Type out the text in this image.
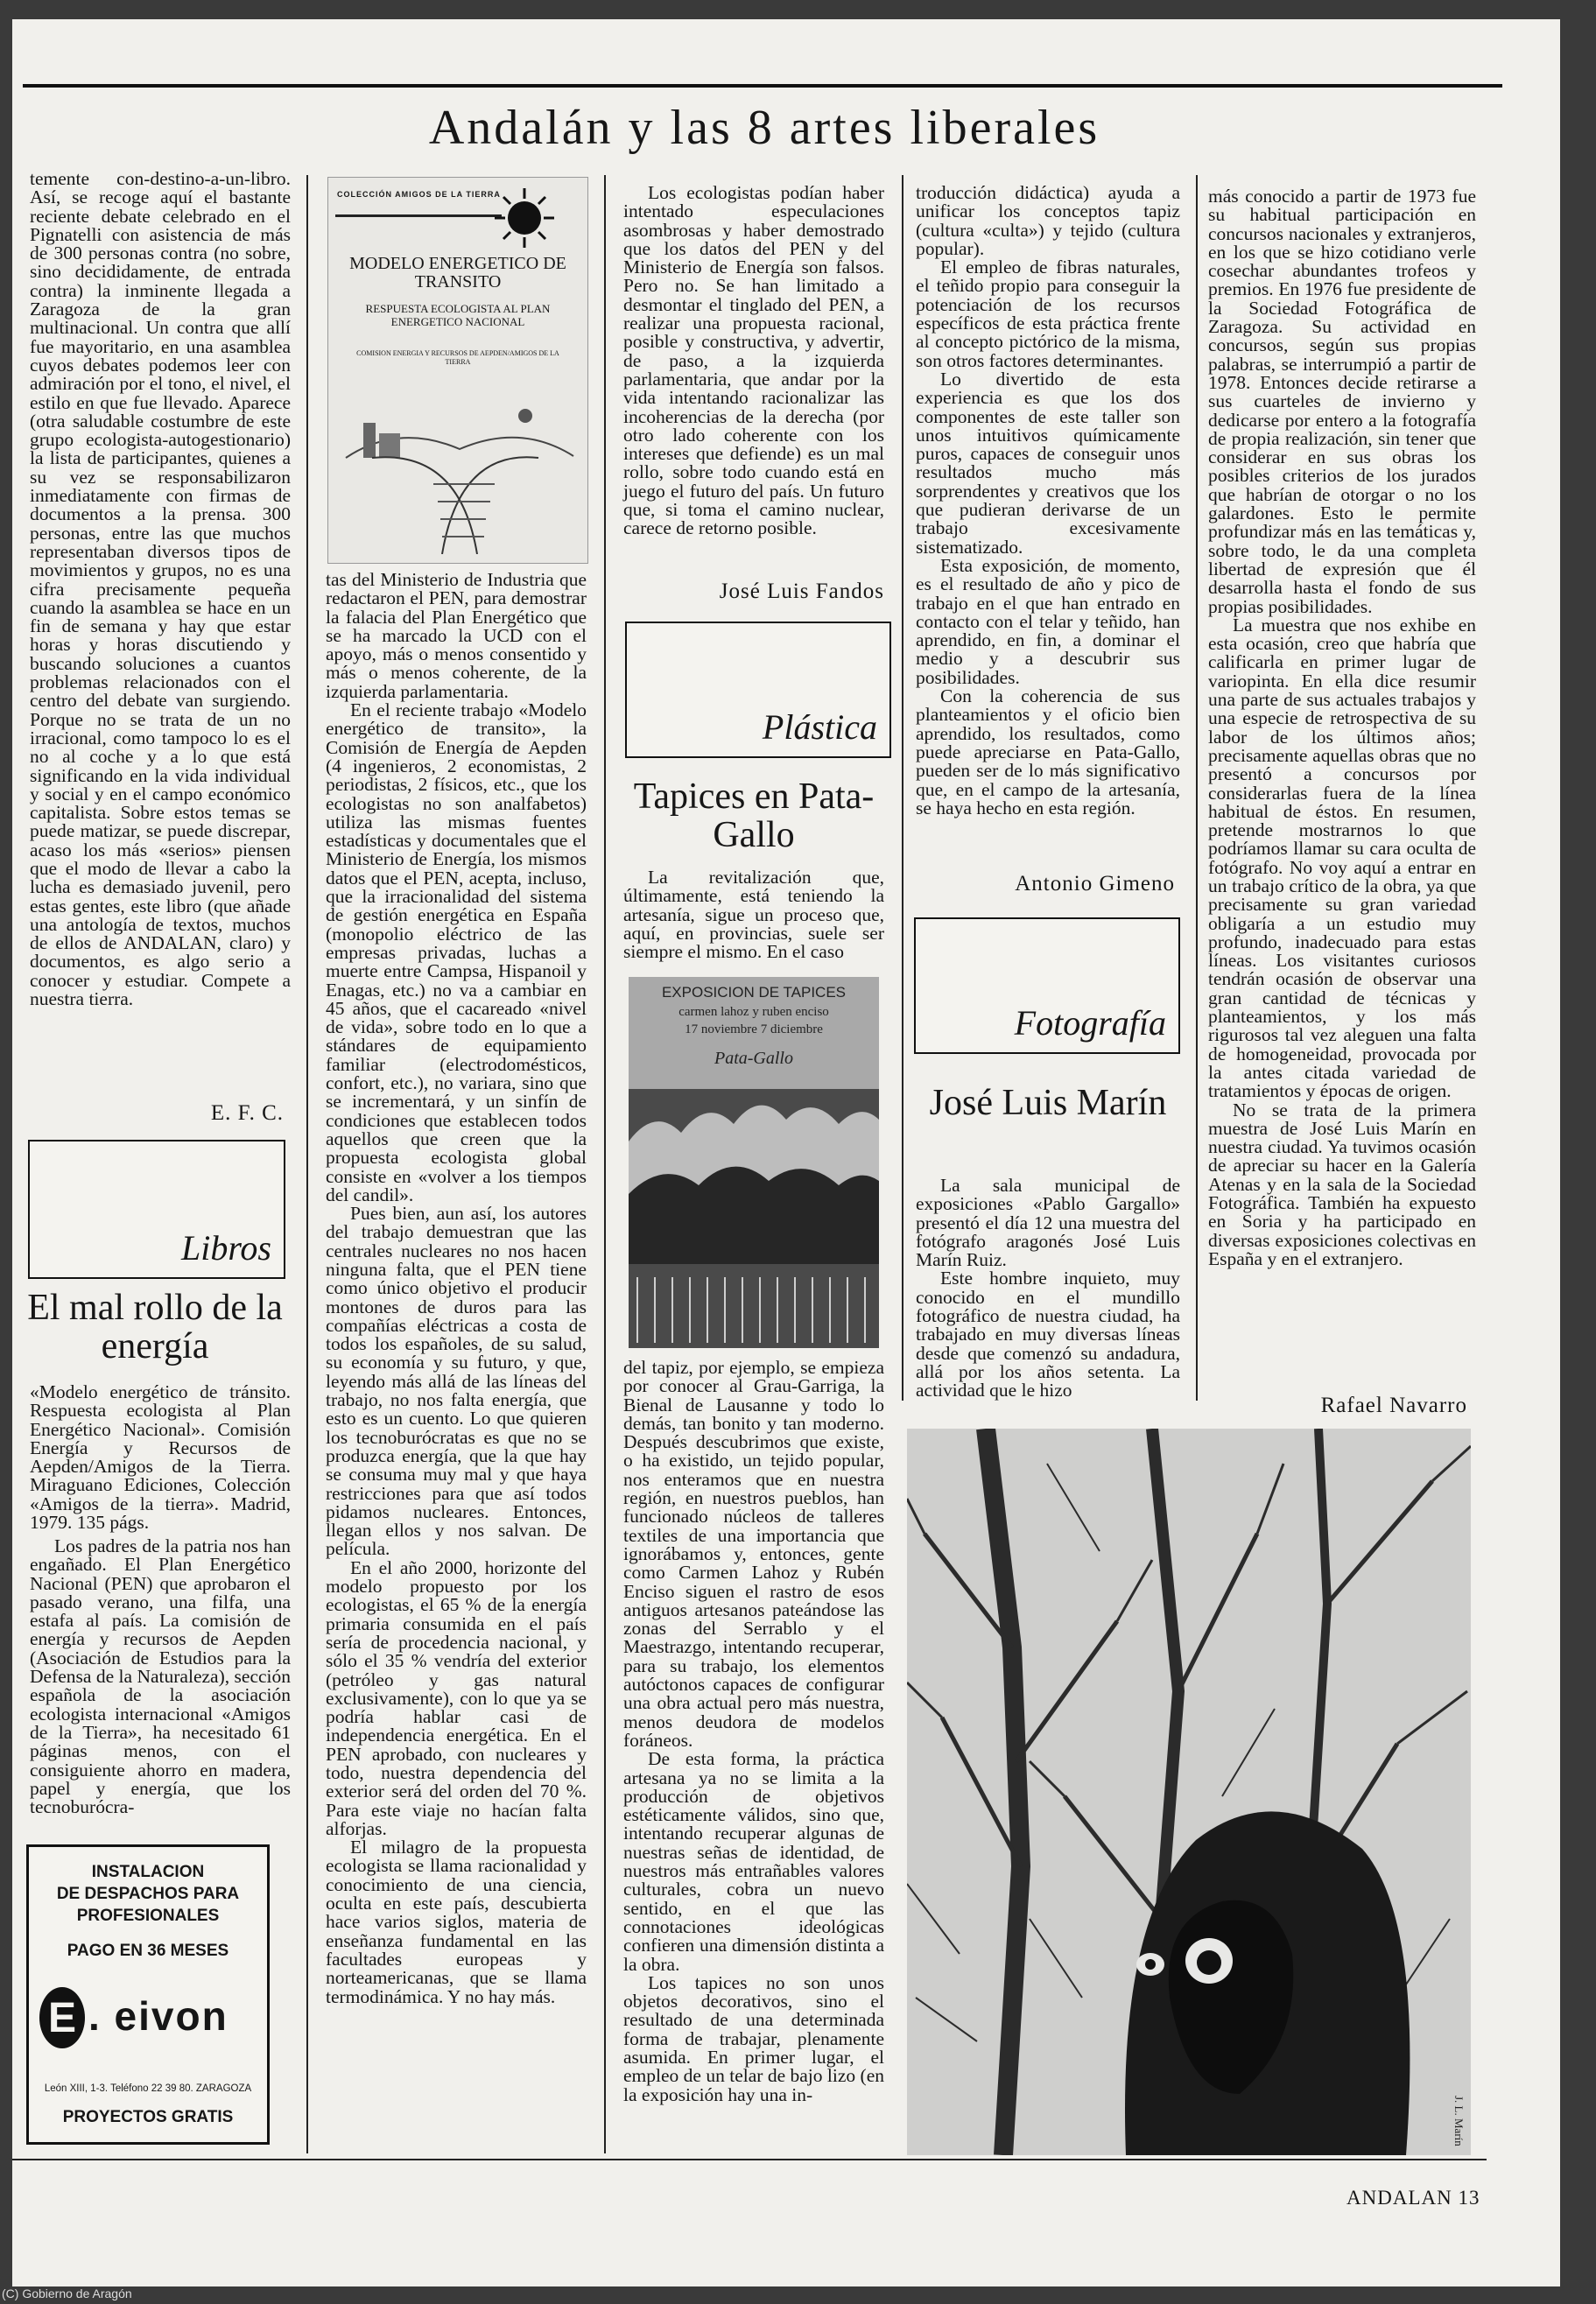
Andalán y las 8 artes liberales

temente con-destino-a-un-libro. Así, se recoge aquí el bastante reciente debate celebrado en el Pignatelli con asistencia de más de 300 personas contra (no sobre, sino decididamente, de entrada contra) la inminente llegada a Zaragoza de la gran multinacional. Un contra que allí fue mayoritario, en una asamblea cuyos debates podemos leer con admiración por el tono, el nivel, el estilo en que fue llevado. Aparece (otra saludable costumbre de este grupo ecologista-autogestionario) la lista de participantes, quienes a su vez se responsabilizaron inmediatamente con firmas de documentos a la prensa. 300 personas, entre las que muchos representaban diversos tipos de movimientos y grupos, no es una cifra precisamente pequeña cuando la asamblea se hace en un fin de semana y hay que estar horas y horas discutiendo y buscando soluciones a cuantos problemas relacionados con el centro del debate van surgiendo. Porque no se trata de un no irracional, como tampoco lo es el no al coche y a lo que está significando en la vida individual y social y en el campo económico capitalista. Sobre estos temas se puede matizar, se puede discrepar, acaso los más «serios» piensen que el modo de llevar a cabo la lucha es demasiado juvenil, pero estas gentes, este libro (que añade una antología de textos, muchos de ellos de ANDALAN, claro) y documentos, es algo serio a conocer y estudiar. Compete a nuestra tierra.

E. F. C.
Libros
El mal rollo de la energía
«Modelo energético de tránsito. Respuesta ecologista al Plan Energético Nacional». Comisión Energía y Recursos de Aepden/Amigos de la Tierra. Miraguano Ediciones, Colección «Amigos de la tierra». Madrid, 1979. 135 págs.

Los padres de la patria nos han engañado. El Plan Energético Nacional (PEN) que aprobaron el pasado verano, una filfa, una estafa al país. La comisión de energía y recursos de Aepden (Asociación de Estudios para la Defensa de la Naturaleza), sección española de la asociación ecologista internacional «Amigos de la Tierra», ha necesitado 61 páginas menos, con el consiguiente ahorro en madera, papel y energía, que los tecnoburócra-

INSTALACION
DE DESPACHOS PARA
PROFESIONALES
PAGO EN 36 MESES
E . eivon
León XIII, 1-3. Teléfono 22 39 80. ZARAGOZA
PROYECTOS GRATIS
COLECCIÓN AMIGOS DE LA TIERRA
MODELO ENERGETICO DE TRANSITO
RESPUESTA ECOLOGISTA AL PLAN ENERGETICO NACIONAL
COMISION ENERGIA Y RECURSOS DE AEPDEN/AMIGOS DE LA TIERRA

tas del Ministerio de Industria que redactaron el PEN, para demostrar la falacia del Plan Energético que se ha marcado la UCD con el apoyo, más o menos consentido y más o menos coherente, de la izquierda parlamentaria.

En el reciente trabajo «Modelo energético de transito», la Comisión de Energía de Aepden (4 ingenieros, 2 economistas, 2 periodistas, 2 físicos, etc., que los ecologistas no son analfabetos) utiliza las mismas fuentes estadísticas y documentales que el Ministerio de Energía, los mismos datos que el PEN, acepta, incluso, que la irracionalidad del sistema de gestión energética en España (monopolio eléctrico de las empresas privadas, luchas a muerte entre Campsa, Hispanoil y Enagas, etc.) no va a cambiar en 45 años, que el cacareado «nivel de vida», sobre todo en lo que a stándares de equipamiento familiar (electrodomésticos, confort, etc.), no variara, sino que se incrementará, y un sinfín de condiciones que establecen todos aquellos que creen que la propuesta ecologista global consiste en «volver a los tiempos del candil».

Pues bien, aun así, los autores del trabajo demuestran que las centrales nucleares no nos hacen ninguna falta, que el PEN tiene como único objetivo el producir montones de duros para las compañías eléctricas a costa de todos los españoles, de su salud, su economía y su futuro, y que, leyendo más allá de las líneas del trabajo, no nos falta energía, que esto es un cuento. Lo que quieren los tecnoburócratas es que no se produzca energía, que la que hay se consuma muy mal y que haya restricciones para que así todos pidamos nucleares. Entonces, llegan ellos y nos salvan. De película.

En el año 2000, horizonte del modelo propuesto por los ecologistas, el 65 % de la energía primaria consumida en el país sería de procedencia nacional, y sólo el 35 % vendría del exterior (petróleo y gas natural exclusivamente), con lo que ya se podría hablar casi de independencia energética. En el PEN aprobado, con nucleares y todo, nuestra dependencia del exterior será del orden del 70 %. Para este viaje no hacían falta alforjas.

El milagro de la propuesta ecologista se llama racionalidad y conocimiento de una ciencia, oculta en este país, descubierta hace varios siglos, materia de enseñanza fundamental en las facultades europeas y norteamericanas, que se llama termodinámica. Y no hay más.

Los ecologistas podían haber intentado especulaciones asombrosas y haber demostrado que los datos del PEN y del Ministerio de Energía son falsos. Pero no. Se han limitado a desmontar el tinglado del PEN, a realizar una propuesta racional, posible y constructiva, y advertir, de paso, a la izquierda parlamentaria, que andar por la vida intentando racionalizar las incoherencias de la derecha (por otro lado coherente con los intereses que defiende) es un mal rollo, sobre todo cuando está en juego el futuro del país. Un futuro que, si toma el camino nuclear, carece de retorno posible.

José Luis Fandos
Plástica
Tapices en Pata-Gallo

La revitalización que, últimamente, está teniendo la artesanía, sigue un proceso que, aquí, en provincias, suele ser siempre el mismo. En el caso

EXPOSICION DE TAPICES
carmen lahoz y ruben enciso
17 noviembre 7 diciembre
Pata-Gallo

del tapiz, por ejemplo, se empieza por conocer al Grau-Garriga, la Bienal de Lausanne y todo lo demás, tan bonito y tan moderno. Después descubrimos que existe, o ha existido, un tejido popular, nos enteramos que en nuestra región, en nuestros pueblos, han funcionado núcleos de talleres textiles de una importancia que ignorábamos y, entonces, gente como Carmen Lahoz y Rubén Enciso siguen el rastro de esos antiguos artesanos pateándose las zonas del Serrablo y el Maestrazgo, intentando recuperar, para su trabajo, los elementos autóctonos capaces de configurar una obra actual pero más nuestra, menos deudora de modelos foráneos.

De esta forma, la práctica artesana ya no se limita a la producción de objetivos estéticamente válidos, sino que, intentando recuperar algunas de nuestras señas de identidad, de nuestros más entrañables valores culturales, cobra un nuevo sentido, en el que las connotaciones ideológicas confieren una dimensión distinta a la obra.

Los tapices no son unos objetos decorativos, sino el resultado de una determinada forma de trabajar, plenamente asumida. En primer lugar, el empleo de un telar de bajo lizo (en la exposición hay una in-

troducción didáctica) ayuda a unificar los conceptos tapiz (cultura «culta») y tejido (cultura popular).

El empleo de fibras naturales, el teñido propio para conseguir la potenciación de los recursos específicos de esta práctica frente al concepto pictórico de la misma, son otros factores determinantes.

Lo divertido de esta experiencia es que los dos componentes de este taller son unos intuitivos químicamente puros, capaces de conseguir unos resultados mucho más sorprendentes y creativos que los que pudieran derivarse de un trabajo excesivamente sistematizado.

Esta exposición, de momento, es el resultado de año y pico de trabajo en el que han entrado en contacto con el telar y teñido, han aprendido, en fin, a dominar el medio y a descubrir sus posibilidades.

Con la coherencia de sus planteamientos y el oficio bien aprendido, los resultados, como puede apreciarse en Pata-Gallo, pueden ser de lo más significativo que, en el campo de la artesanía, se haya hecho en esta región.

Antonio Gimeno
Fotografía
José Luis Marín

La sala municipal de exposiciones «Pablo Gargallo» presentó el día 12 una muestra del fotógrafo aragonés José Luis Marín Ruiz.

Este hombre inquieto, muy conocido en el mundillo fotográfico de nuestra ciudad, ha trabajado en muy diversas líneas desde que comenzó su andadura, allá por los años setenta. La actividad que le hizo

más conocido a partir de 1973 fue su habitual participación en concursos nacionales y extranjeros, en los que se hizo cotidiano verle cosechar abundantes trofeos y premios. En 1976 fue presidente de la Sociedad Fotográfica de Zaragoza. Su actividad en concursos, según sus propias palabras, se interrumpió a partir de 1978. Entonces decide retirarse a sus cuarteles de invierno y dedicarse por entero a la fotografía de propia realización, sin tener que considerar en sus obras los posibles criterios de los jurados que habrían de otorgar o no los galardones. Esto le permite profundizar más en las temáticas y, sobre todo, le da una completa libertad de expresión que él desarrolla hasta el fondo de sus propias posibilidades.

La muestra que nos exhibe en esta ocasión, creo que habría que calificarla en primer lugar de variopinta. En ella dice resumir una parte de sus actuales trabajos y una especie de retrospectiva de su labor de los últimos años; precisamente aquellas obras que no presentó a concursos por considerarlas fuera de la línea habitual de éstos. En resumen, pretende mostrarnos lo que podríamos llamar su cara oculta de fotógrafo. No voy aquí a entrar en un trabajo crítico de la obra, ya que precisamente su gran variedad obligaría a un estudio muy profundo, inadecuado para estas líneas. Los visitantes curiosos tendrán ocasión de observar una gran cantidad de técnicas y planteamientos, y los más rigurosos tal vez aleguen una falta de homogeneidad, provocada por la antes citada variedad de tratamientos y épocas de origen.

No se trata de la primera muestra de José Luis Marín en nuestra ciudad. Ya tuvimos ocasión de apreciar su hacer en la Galería Atenas y en la sala de la Sociedad Fotográfica. También ha expuesto en Soria y ha participado en diversas exposiciones colectivas en España y en el extranjero.

Rafael Navarro
J. L. Marín
ANDALAN 13
(C) Gobierno de Aragón
